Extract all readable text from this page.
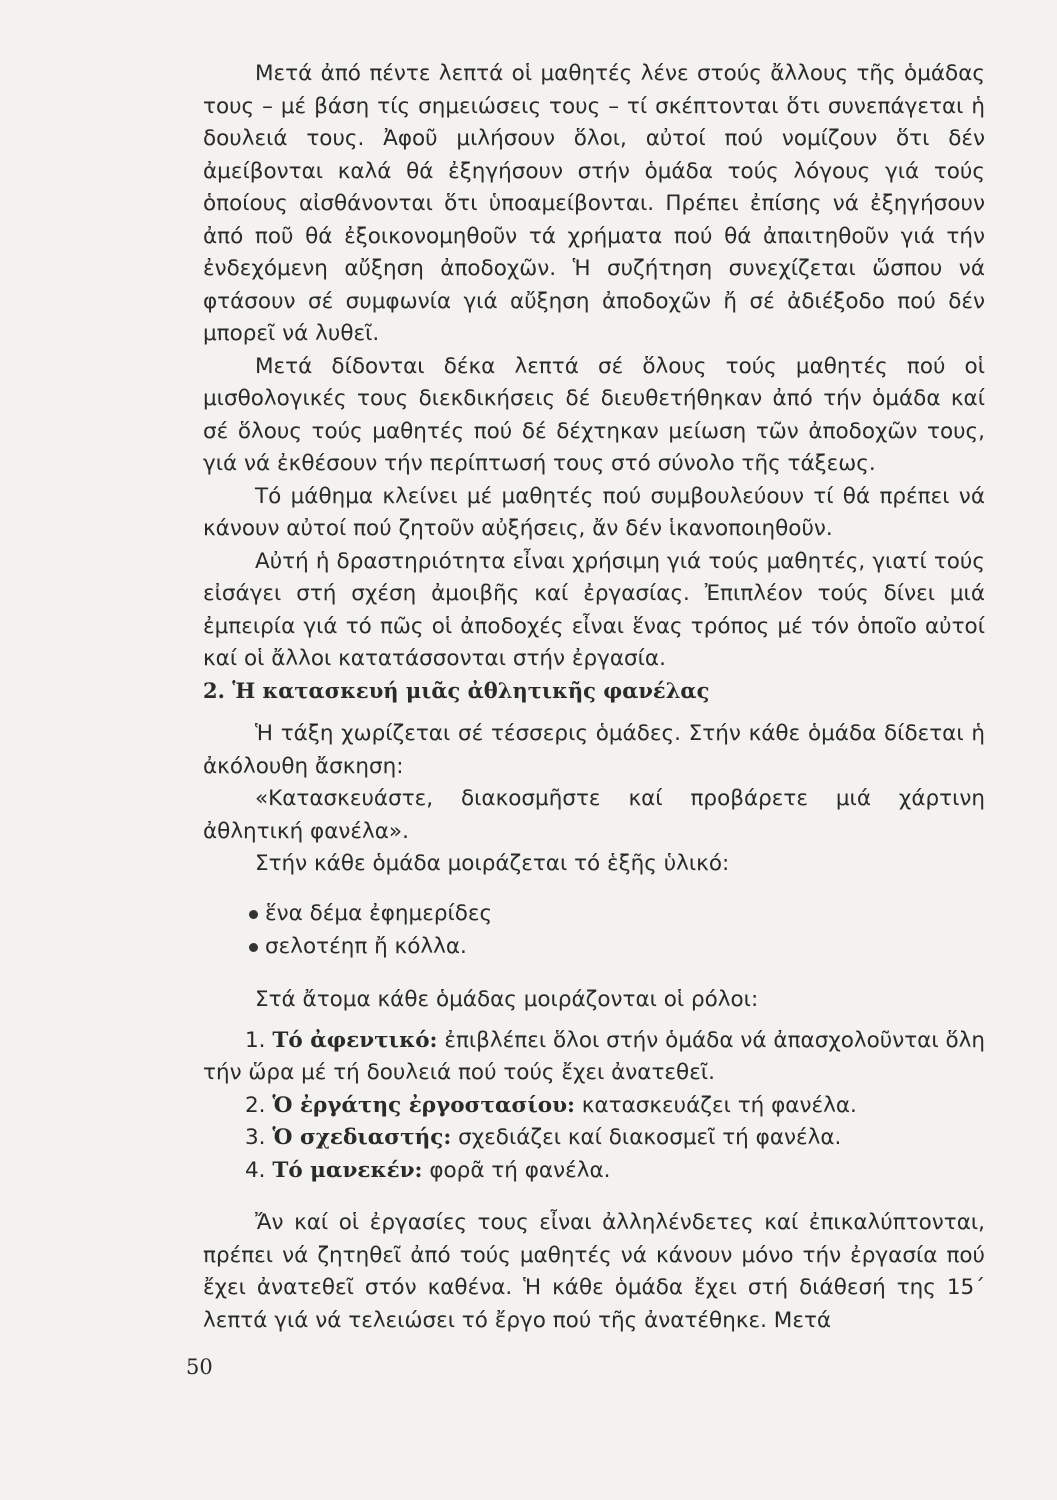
Μετά ἀπό πέντε λεπτά οἱ μαθητές λένε στούς ἄλλους τῆς ὁμάδας τους – μέ βάση τίς σημειώσεις τους – τί σκέπτονται ὅτι συνεπάγεται ἡ δουλειά τους. Ἀφοῦ μιλήσουν ὅλοι, αὐτοί πού νομίζουν ὅτι δέν ἀμείβονται καλά θά ἐξηγήσουν στήν ὁμάδα τούς λόγους γιά τούς ὁποίους αἰσθάνονται ὅτι ὑποαμείβονται. Πρέπει ἐπίσης νά ἐξηγήσουν ἀπό ποῦ θά ἐξοικονομηθοῦν τά χρήματα πού θά ἀπαιτηθοῦν γιά τήν ἐνδεχόμενη αὔξηση ἀποδοχῶν. Ἡ συζήτηση συνεχίζεται ὥσπου νά φτάσουν σέ συμφωνία γιά αὔξηση ἀποδοχῶν ἤ σέ ἀδιέξοδο πού δέν μπορεῖ νά λυθεῖ.

Μετά δίδονται δέκα λεπτά σέ ὅλους τούς μαθητές πού οἱ μισθολογικές τους διεκδικήσεις δέ διευθετήθηκαν ἀπό τήν ὁμάδα καί σέ ὅλους τούς μαθητές πού δέ δέχτηκαν μείωση τῶν ἀποδοχῶν τους, γιά νά ἐκθέσουν τήν περίπτωσή τους στό σύνολο τῆς τάξεως.

Τό μάθημα κλείνει μέ μαθητές πού συμβουλεύουν τί θά πρέπει νά κάνουν αὐτοί πού ζητοῦν αὐξήσεις, ἄν δέν ἱκανοποιηθοῦν.

Αὐτή ἡ δραστηριότητα εἶναι χρήσιμη γιά τούς μαθητές, γιατί τούς εἰσάγει στή σχέση ἀμοιβῆς καί ἐργασίας. Ἐπιπλέον τούς δίνει μιά ἐμπειρία γιά τό πῶς οἱ ἀποδοχές εἶναι ἕνας τρόπος μέ τόν ὁποῖο αὐτοί καί οἱ ἄλλοι κατατάσσονται στήν ἐργασία.

2. Ἡ κατασκευή μιᾶς ἀθλητικῆς φανέλας

Ἡ τάξη χωρίζεται σέ τέσσερις ὁμάδες. Στήν κάθε ὁμάδα δίδεται ἡ ἀκόλουθη ἄσκηση:

«Κατασκευάστε, διακοσμῆστε καί προβάρετε μιά χάρτινη ἀθλητική φανέλα».

Στήν κάθε ὁμάδα μοιράζεται τό ἑξῆς ὑλικό:

ἕνα δέμα ἐφημερίδες
σελοτέηπ ἤ κόλλα.

Στά ἄτομα κάθε ὁμάδας μοιράζονται οἱ ρόλοι:

1. Τό ἀφεντικό: ἐπιβλέπει ὅλοι στήν ὁμάδα νά ἀπασχολοῦνται ὅλη τήν ὥρα μέ τή δουλειά πού τούς ἔχει ἀνατεθεῖ.

2. Ὁ ἐργάτης ἐργοστασίου: κατασκευάζει τή φανέλα.

3. Ὁ σχεδιαστής: σχεδιάζει καί διακοσμεῖ τή φανέλα.

4. Τό μανεκέν: φορᾶ τή φανέλα.

Ἄν καί οἱ ἐργασίες τους εἶναι ἀλληλένδετες καί ἐπικαλύπτονται, πρέπει νά ζητηθεῖ ἀπό τούς μαθητές νά κάνουν μόνο τήν ἐργασία πού ἔχει ἀνατεθεῖ στόν καθένα. Ἡ κάθε ὁμάδα ἔχει στή διάθεσή της 15΄ λεπτά γιά νά τελειώσει τό ἔργο πού τῆς ἀνατέθηκε. Μετά

50
